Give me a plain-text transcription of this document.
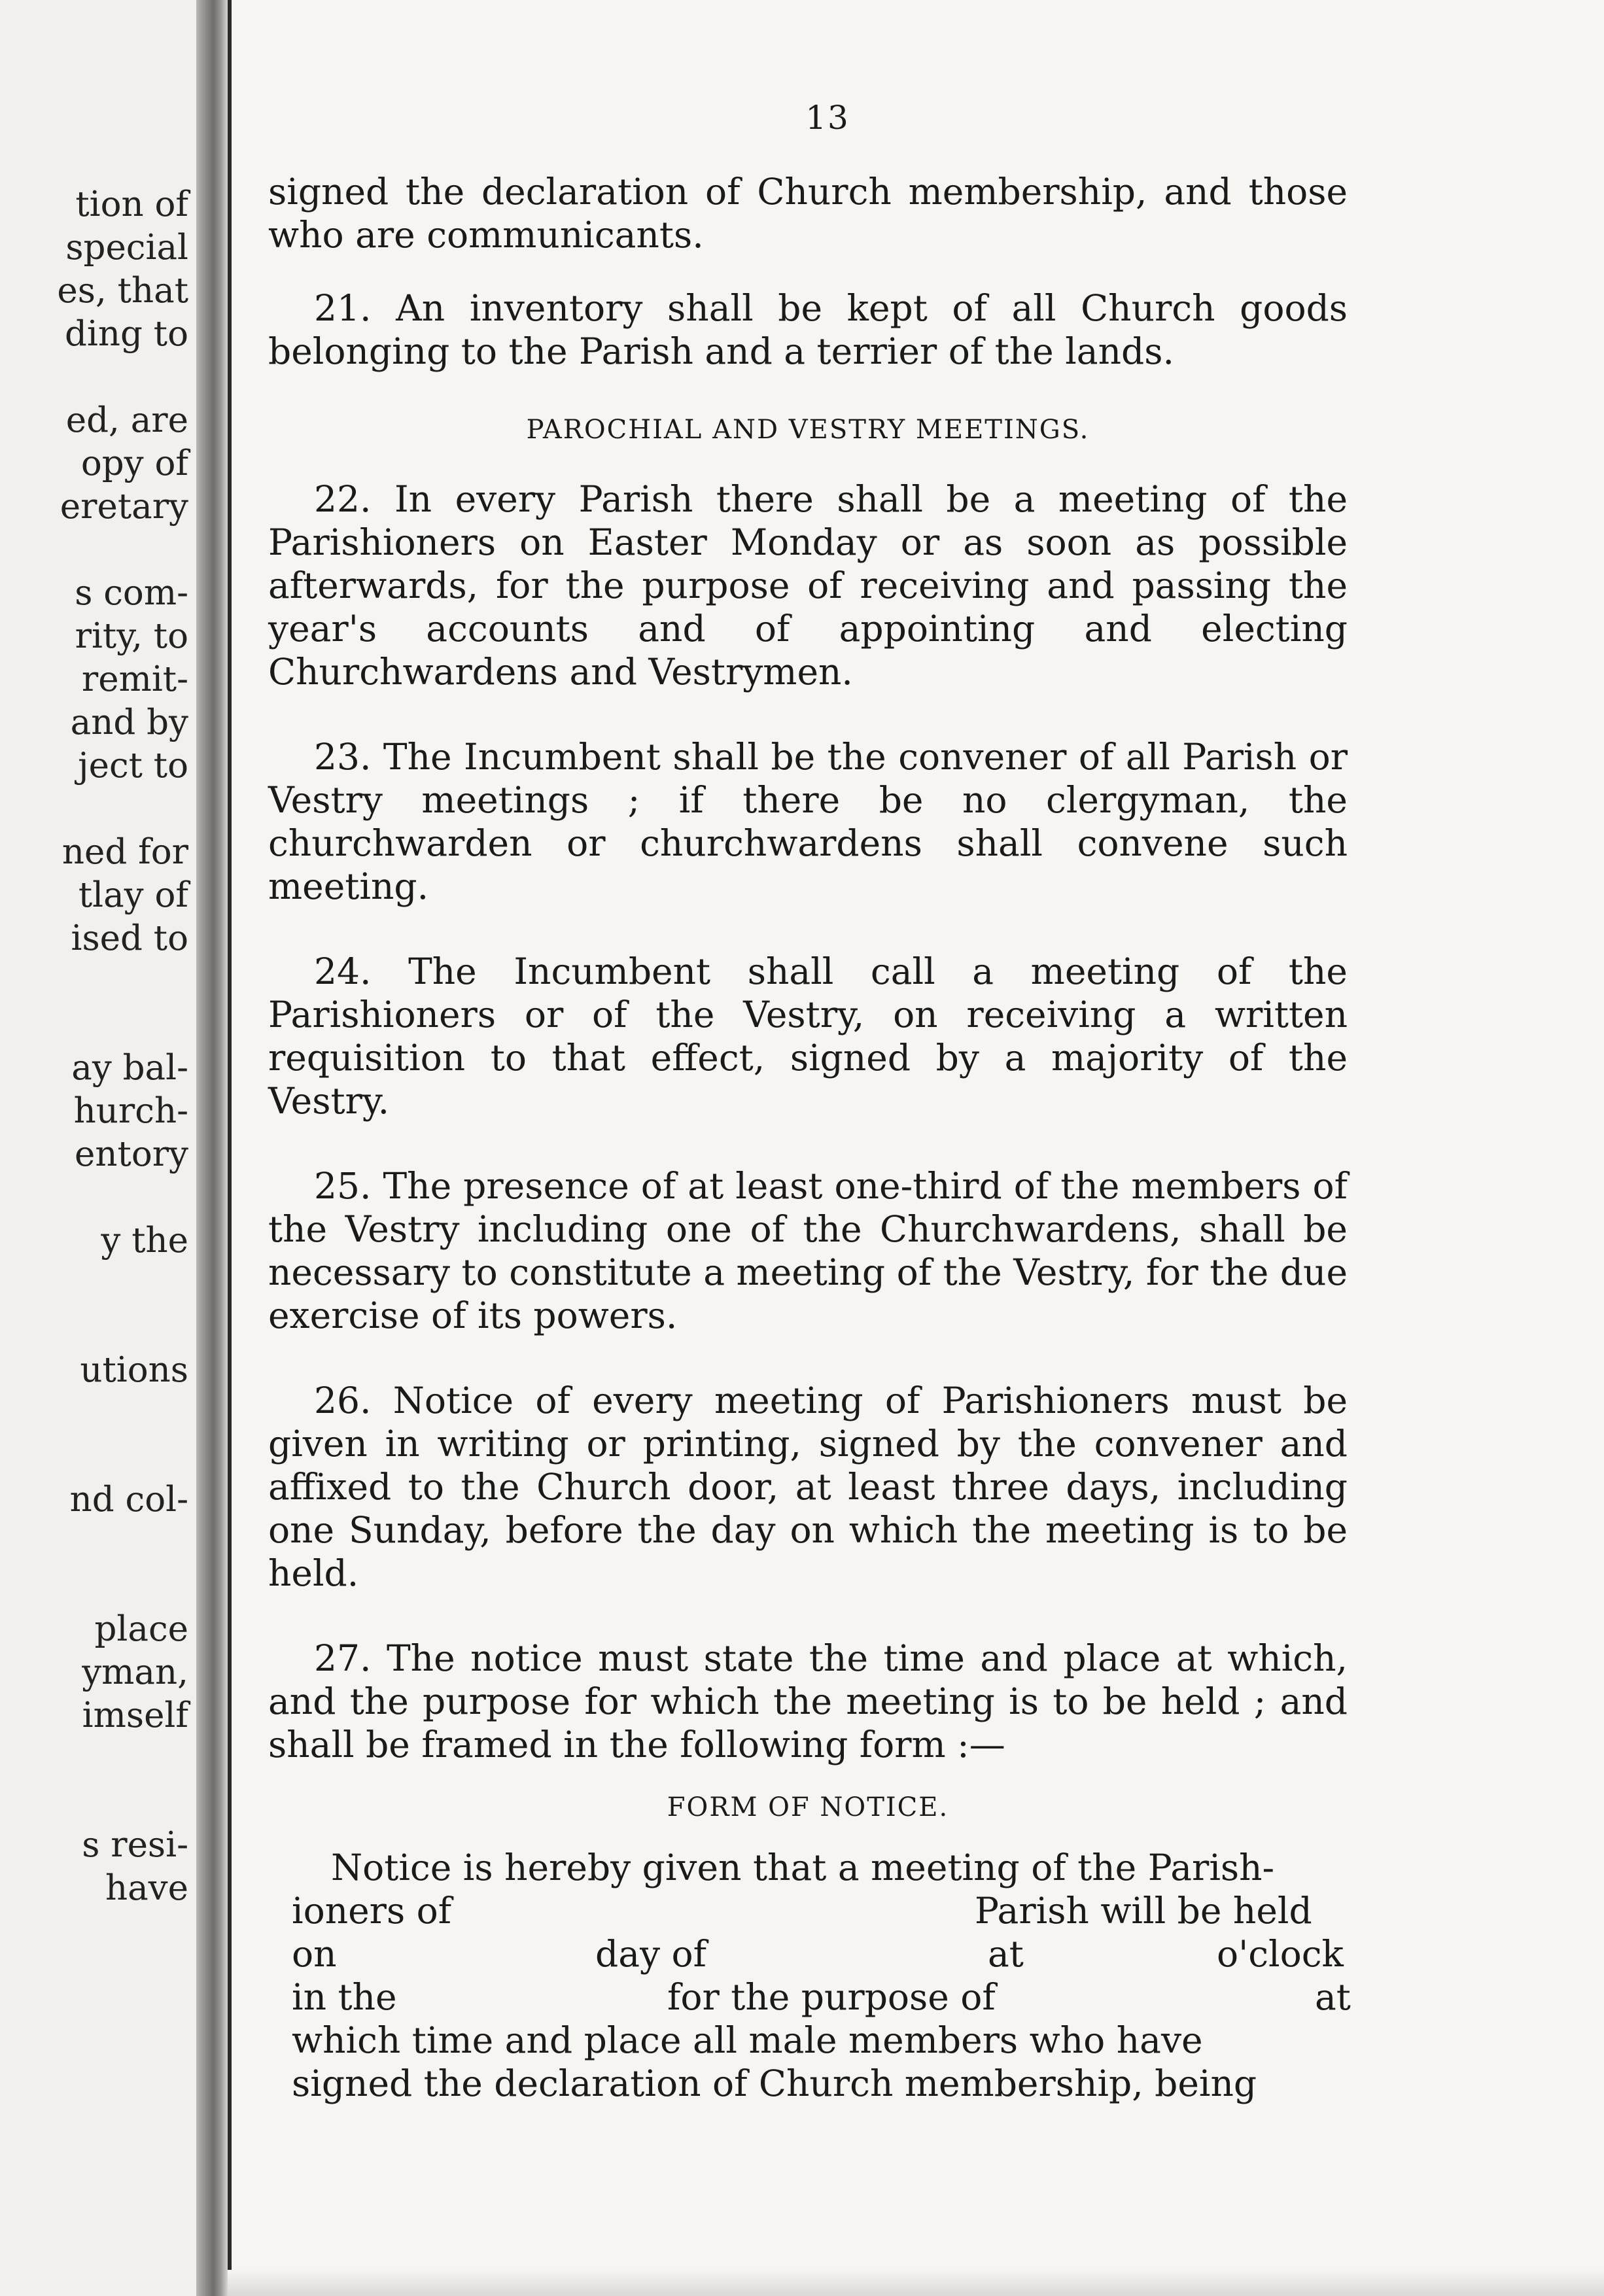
tion of
special
es, that
ding to
ed, are
opy of
eretary
s com-
rity, to
remit-
and by
ject to
ned for
tlay of
ised to
ay bal-
hurch-
entory
y the
utions
nd col-
place
yman,
imself
s resi-
have
13
signed the declaration of Church membership, and those who are communicants.
21. An inventory shall be kept of all Church goods belonging to the Parish and a terrier of the lands.
PAROCHIAL AND VESTRY MEETINGS.
22. In every Parish there shall be a meeting of the Parishioners on Easter Monday or as soon as possible afterwards, for the purpose of receiving and passing the year's accounts and of appointing and electing Churchwardens and Vestrymen.
23. The Incumbent shall be the convener of all Parish or Vestry meetings ; if there be no clergyman, the churchwarden or churchwardens shall convene such meeting.
24. The Incumbent shall call a meeting of the Parishioners or of the Vestry, on receiving a written requisition to that effect, signed by a majority of the Vestry.
25. The presence of at least one-third of the members of the Vestry including one of the Churchwardens, shall be necessary to constitute a meeting of the Vestry, for the due exercise of its powers.
26. Notice of every meeting of Parishioners must be given in writing or printing, signed by the convener and affixed to the Church door, at least three days, including one Sunday, before the day on which the meeting is to be held.
27. The notice must state the time and place at which, and the purpose for which the meeting is to be held ; and shall be framed in the following form :—
FORM OF NOTICE.
Notice is hereby given that a meeting of the Parish-
ioners of	Parish will be held
on	day of	at	o'clock
in the	for the purpose of	at
which time and place all male members who have
signed the declaration of Church membership, being
